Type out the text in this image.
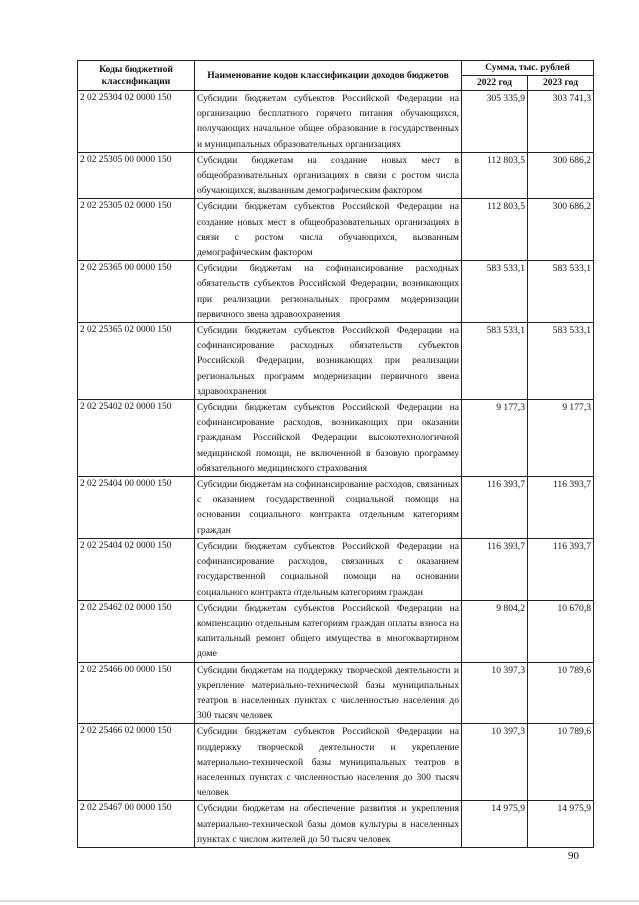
Коды бюджетной классификации	Наименование кодов классификации доходов бюджетов	Сумма, тыс. рублей	
		2022 год	2023 год
2 02 25304 02 0000 150	Субсидии бюджетам субъектов Российской Федерации на организацию бесплатного горячего питания обучающихся, получающих начальное общее образование в государственных и муниципальных образовательных организациях	305 335,9	303 741,3
2 02 25305 00 0000 150	Субсидии бюджетам на создание новых мест в общеобразовательных организациях в связи с ростом числа обучающихся, вызванным демографическим фактором	112 803,5	300 686,2
2 02 25305 02 0000 150	Субсидии бюджетам субъектов Российской Федерации на создание новых мест в общеобразовательных организациях в связи с ростом числа обучающихся, вызванным демографическим фактором	112 803,5	300 686,2
2 02 25365 00 0000 150	Субсидии бюджетам на софинансирование расходных обязательств субъектов Российской Федерации, возникающих при реализации региональных программ модернизации первичного звена здравоохранения	583 533,1	583 533,1
2 02 25365 02 0000 150	Субсидии бюджетам субъектов Российской Федерации на софинансирование расходных обязательств субъектов Российской Федерации, возникающих при реализации региональных программ модернизации первичного звена здравоохранения	583 533,1	583 533,1
2 02 25402 02 0000 150	Субсидии бюджетам субъектов Российской Федерации на софинансирование расходов, возникающих при оказании гражданам Российской Федерации высокотехнологичной медицинской помощи, не включенной в базовую программу обязательного медицинского страхования	9 177,3	9 177,3
2 02 25404 00 0000 150	Субсидии бюджетам на софинансирование расходов, связанных с оказанием государственной социальной помощи на основании социального контракта отдельным категориям граждан	116 393,7	116 393,7
2 02 25404 02 0000 150	Субсидии бюджетам субъектов Российской Федерации на софинансирование расходов, связанных с оказанием государственной социальной помощи на основании социального контракта отдельным категориям граждан	116 393,7	116 393,7
2 02 25462 02 0000 150	Субсидии бюджетам субъектов Российской Федерации на компенсацию отдельным категориям граждан оплаты взноса на капитальный ремонт общего имущества в многоквартирном доме	9 804,2	10 670,8
2 02 25466 00 0000 150	Субсидии бюджетам на поддержку творческой деятельности и укрепление материально-технической базы муниципальных театров в населенных пунктах с численностью населения до 300 тысяч человек	10 397,3	10 789,6
2 02 25466 02 0000 150	Субсидии бюджетам субъектов Российской Федерации на поддержку творческой деятельности и укрепление материально-технической базы муниципальных театров в населенных пунктах с численностью населения до 300 тысяч человек	10 397,3	10 789,6
2 02 25467 00 0000 150	Субсидии бюджетам на обеспечение развития и укрепления материально-технической базы домов культуры в населенных пунктах с числом жителей до 50 тысяч человек	14 975,9	14 975,9
90
